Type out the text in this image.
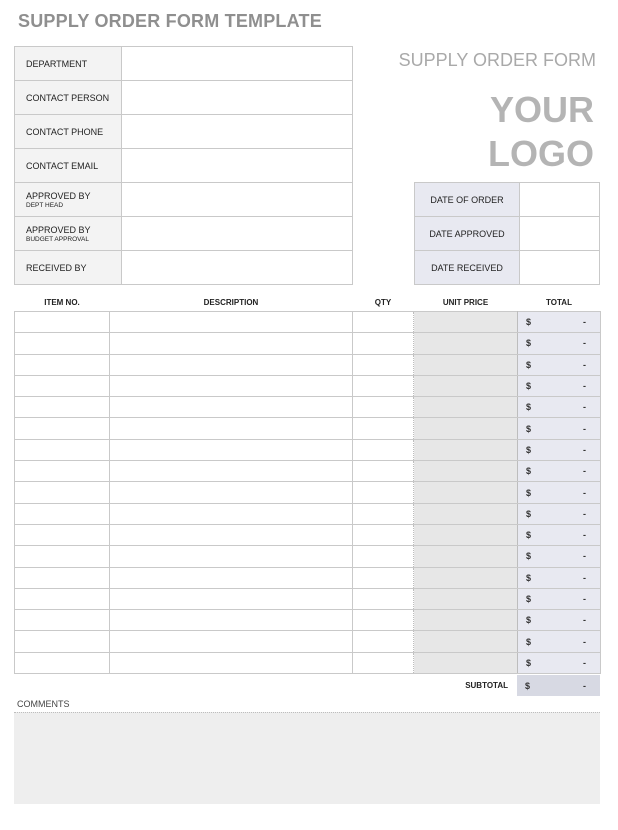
SUPPLY ORDER FORM TEMPLATE
SUPPLY ORDER FORM
YOUR
LOGO
DEPARTMENT	
CONTACT PERSON	
CONTACT PHONE	
CONTACT EMAIL	
APPROVED BY
DEPT HEAD	

APPROVED BY
BUDGET APPROVAL	

RECEIVED BY	
DATE OF ORDER	
DATE APPROVED	
DATE RECEIVED	
ITEM NO.	DESCRIPTION	QTY	UNIT PRICE	TOTAL

				$ -

				$ -

				$ -

				$ -

				$ -

				$ -

				$ -

				$ -

				$ -

				$ -

				$ -

				$ -

				$ -

				$ -

				$ -

				$ -

				$ -
SUBTOTAL $	-
COMMENTS
